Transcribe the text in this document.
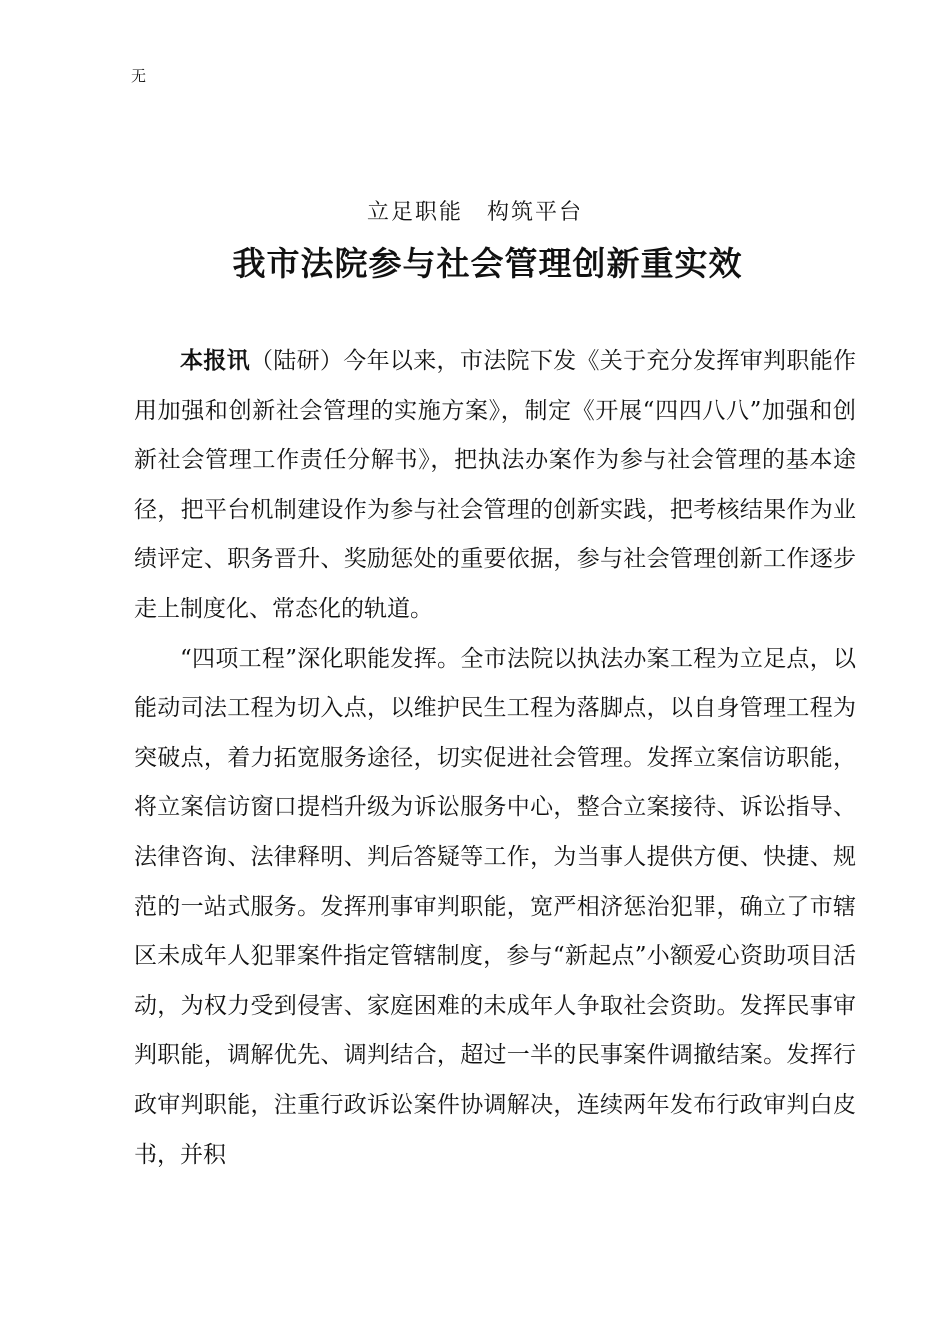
无
立足职能　构筑平台
我市法院参与社会管理创新重实效

本报讯（陆研）今年以来，市法院下发《关于充分发挥审判职能作用加强和创新社会管理的实施方案》，制定《开展“四四八八”加强和创新社会管理工作责任分解书》，把执法办案作为参与社会管理的基本途径，把平台机制建设作为参与社会管理的创新实践，把考核结果作为业绩评定、职务晋升、奖励惩处的重要依据，参与社会管理创新工作逐步走上制度化、常态化的轨道。

“四项工程”深化职能发挥。全市法院以执法办案工程为立足点，以能动司法工程为切入点，以维护民生工程为落脚点，以自身管理工程为突破点，着力拓宽服务途径，切实促进社会管理。发挥立案信访职能，将立案信访窗口提档升级为诉讼服务中心，整合立案接待、诉讼指导、法律咨询、法律释明、判后答疑等工作，为当事人提供方便、快捷、规范的一站式服务。发挥刑事审判职能，宽严相济惩治犯罪，确立了市辖区未成年人犯罪案件指定管辖制度，参与“新起点”小额爱心资助项目活动，为权力受到侵害、家庭困难的未成年人争取社会资助。发挥民事审判职能，调解优先、调判结合，超过一半的民事案件调撤结案。发挥行政审判职能，注重行政诉讼案件协调解决，连续两年发布行政审判白皮书，并积
